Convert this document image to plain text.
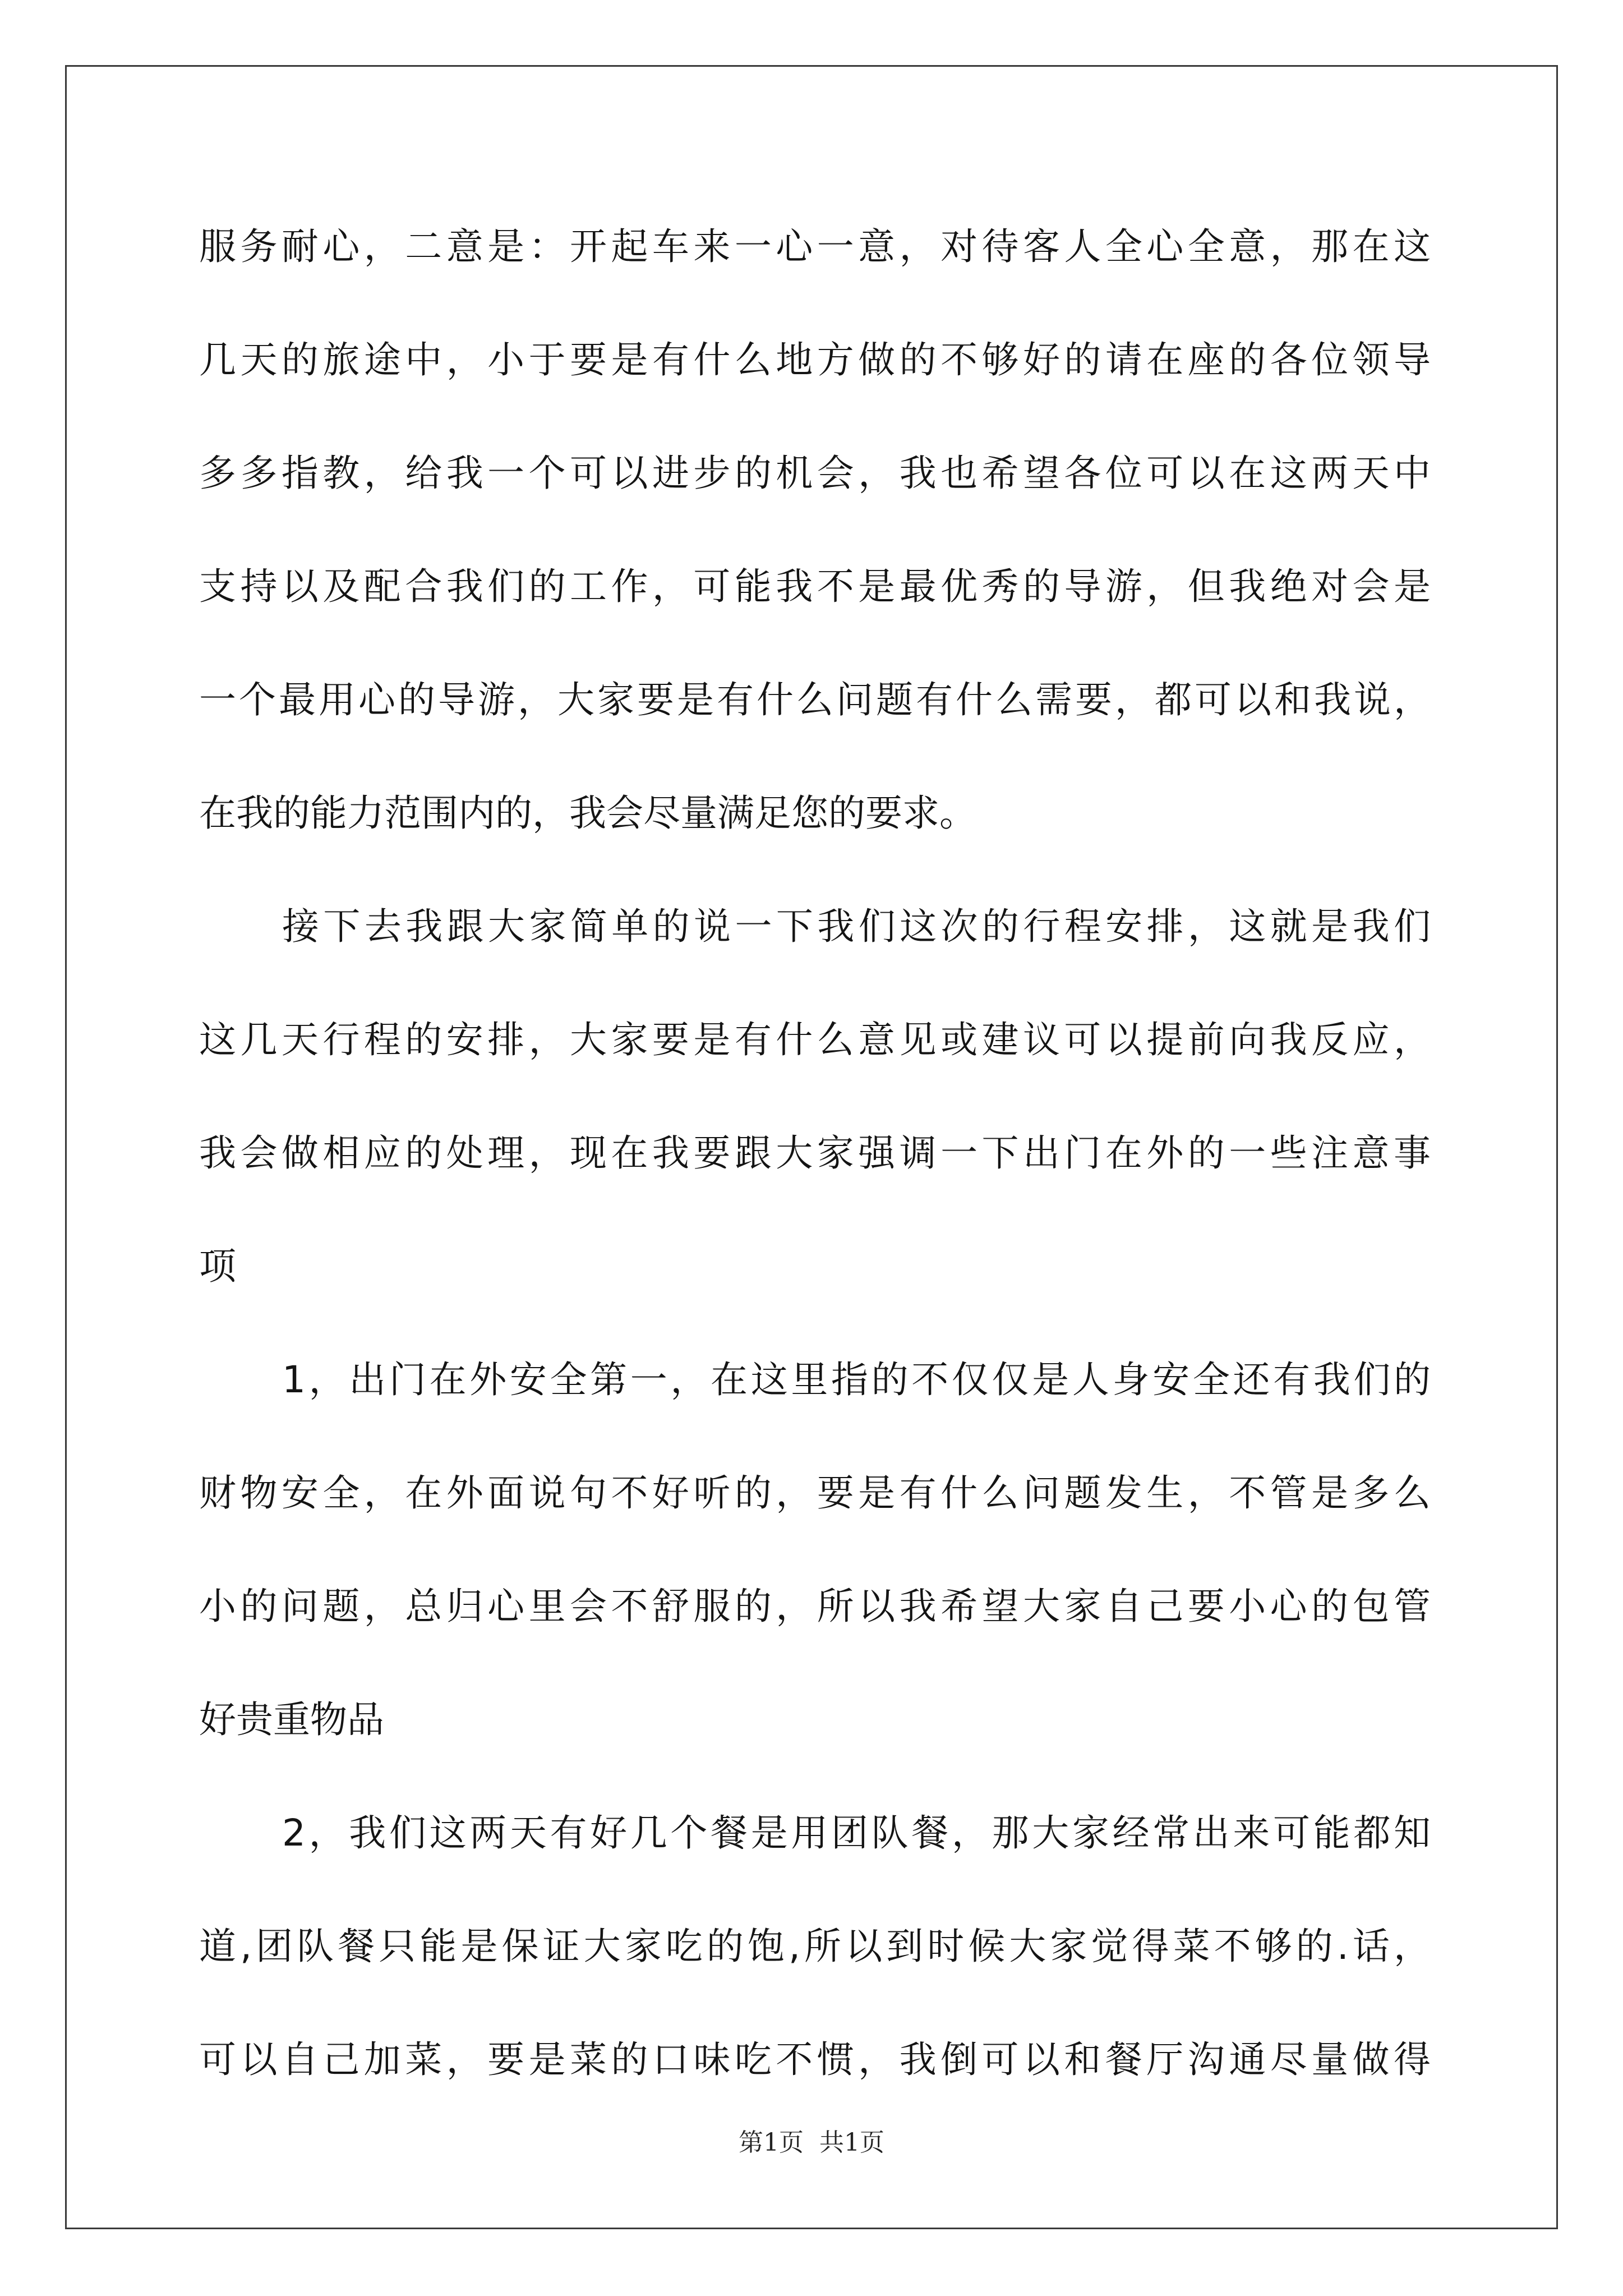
服务耐心，二意是：开起车来一心一意，对待客人全心全意，那在这
几天的旅途中，小于要是有什么地方做的不够好的请在座的各位领导
多多指教，给我一个可以进步的机会，我也希望各位可以在这两天中
支持以及配合我们的工作，可能我不是最优秀的导游，但我绝对会是
一个最用心的导游，大家要是有什么问题有什么需要，都可以和我说，
在我的能力范围内的，我会尽量满足您的要求。
接下去我跟大家简单的说一下我们这次的行程安排，这就是我们
这几天行程的安排，大家要是有什么意见或建议可以提前向我反应，
我会做相应的处理，现在我要跟大家强调一下出门在外的一些注意事
项
1，出门在外安全第一，在这里指的不仅仅是人身安全还有我们的
财物安全，在外面说句不好听的，要是有什么问题发生，不管是多么
小的问题，总归心里会不舒服的，所以我希望大家自己要小心的包管
好贵重物品
2，我们这两天有好几个餐是用团队餐，那大家经常出来可能都知
道,团队餐只能是保证大家吃的饱,所以到时候大家觉得菜不够的.话，
可以自己加菜，要是菜的口味吃不惯，我倒可以和餐厅沟通尽量做得
第1页  共1页
